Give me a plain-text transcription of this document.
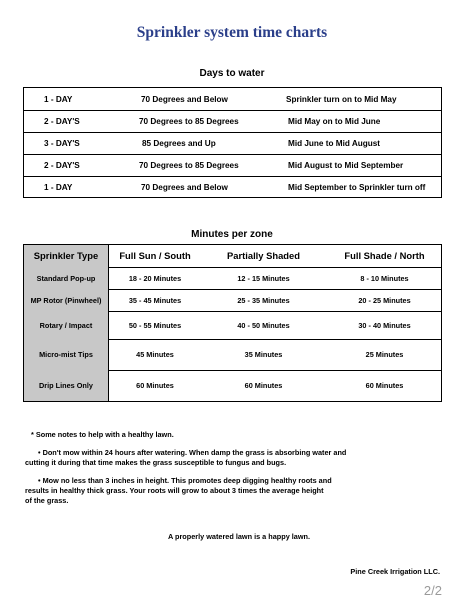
Sprinkler system time charts
Days to water
1 - DAY	70 Degrees and Below	Sprinkler turn on to Mid May
2 - DAY'S	70 Degrees to 85 Degrees	Mid May on to Mid June
3 - DAY'S	85 Degrees and Up	Mid June to Mid August
2 - DAY'S	70 Degrees to 85 Degrees	Mid August to Mid September
1 - DAY	70 Degrees and Below	Mid September to Sprinkler turn off
Minutes per zone
Sprinkler Type	Full Sun / South	Partially Shaded	Full Shade / North
Standard Pop-up	18 - 20 Minutes	12 - 15 Minutes	8 - 10 Minutes
MP Rotor (Pinwheel)	35 - 45 Minutes	25 - 35 Minutes	20 - 25 Minutes
Rotary / Impact	50 - 55 Minutes	40 - 50 Minutes	30 - 40 Minutes
Micro-mist Tips	45 Minutes	35 Minutes	25 Minutes
Drip Lines Only	60 Minutes	60 Minutes	60 Minutes
* Some notes to help with a healthy lawn.
• Don't mow within 24 hours after watering. When damp the grass is absorbing water and
cutting it during that time makes the grass susceptible to fungus and bugs.
• Mow no less than 3 inches in height. This promotes deep digging healthy roots and
results in healthy thick grass. Your roots will grow to about 3 times the average height
of the grass.
A properly watered lawn is a happy lawn.
Pine Creek Irrigation LLC.
2/2
